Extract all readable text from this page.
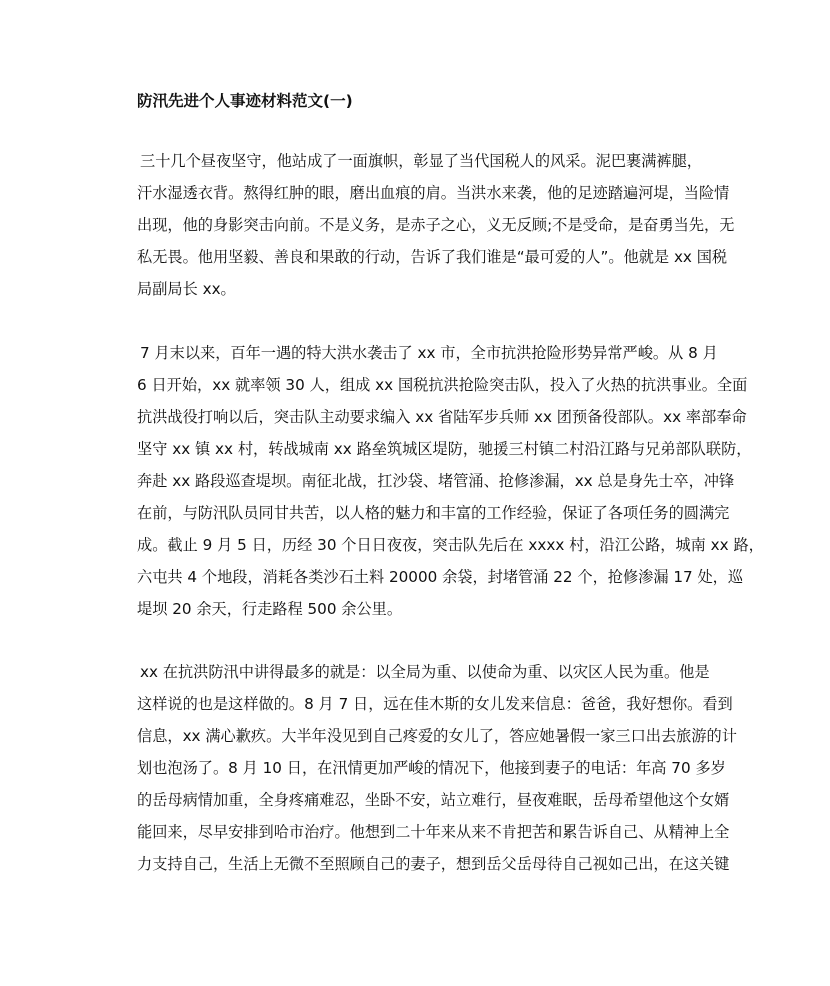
防汛先进个人事迹材料范文(一)
三十几个昼夜坚守，他站成了一面旗帜，彰显了当代国税人的风采。泥巴裹满裤腿，
汗水湿透衣背。熬得红肿的眼，磨出血痕的肩。当洪水来袭，他的足迹踏遍河堤，当险情
出现，他的身影突击向前。不是义务，是赤子之心，义无反顾;不是受命，是奋勇当先，无
私无畏。他用坚毅、善良和果敢的行动，告诉了我们谁是“最可爱的人”。他就是 xx 国税
局副局长 xx。
7 月末以来，百年一遇的特大洪水袭击了 xx 市，全市抗洪抢险形势异常严峻。从 8 月
6 日开始，xx 就率领 30 人，组成 xx 国税抗洪抢险突击队，投入了火热的抗洪事业。全面
抗洪战役打响以后，突击队主动要求编入 xx 省陆军步兵师 xx 团预备役部队。xx 率部奉命
坚守 xx 镇 xx 村，转战城南 xx 路垒筑城区堤防，驰援三村镇二村沿江路与兄弟部队联防，
奔赴 xx 路段巡查堤坝。南征北战，扛沙袋、堵管涌、抢修渗漏，xx 总是身先士卒，冲锋
在前，与防汛队员同甘共苦，以人格的魅力和丰富的工作经验，保证了各项任务的圆满完
成。截止 9 月 5 日，历经 30 个日日夜夜，突击队先后在 xxxx 村，沿江公路，城南 xx 路，
六屯共 4 个地段，消耗各类沙石土料 20000 余袋，封堵管涌 22 个，抢修渗漏 17 处，巡
堤坝 20 余天，行走路程 500 余公里。
xx 在抗洪防汛中讲得最多的就是：以全局为重、以使命为重、以灾区人民为重。他是
这样说的也是这样做的。8 月 7 日，远在佳木斯的女儿发来信息：爸爸，我好想你。看到
信息，xx 满心歉疚。大半年没见到自己疼爱的女儿了，答应她暑假一家三口出去旅游的计
划也泡汤了。8 月 10 日，在汛情更加严峻的情况下，他接到妻子的电话：年高 70 多岁
的岳母病情加重，全身疼痛难忍，坐卧不安，站立难行，昼夜难眠，岳母希望他这个女婿
能回来，尽早安排到哈市治疗。他想到二十年来从来不肯把苦和累告诉自己、从精神上全
力支持自己，生活上无微不至照顾自己的妻子，想到岳父岳母待自己视如己出，在这关键
